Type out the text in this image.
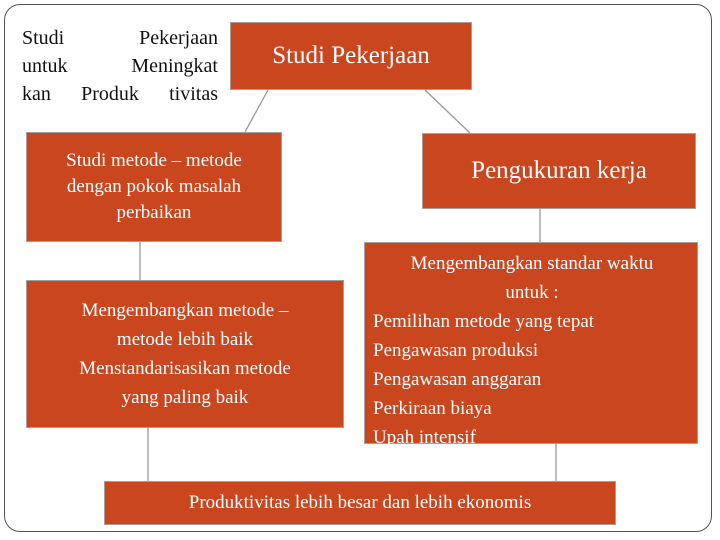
Studi Pekerjaan
untuk Meningkat
kan Produk tivitas
Studi Pekerjaan
Studi metode – metode
dengan pokok masalah
perbaikan
Pengukuran kerja
Mengembangkan metode –
metode lebih baik
Menstandarisasikan metode
yang paling baik
Mengembangkan standar waktu
untuk :
Pemilihan metode yang tepat
Pengawasan produksi
Pengawasan anggaran
Perkiraan biaya
Upah intensif
Produktivitas lebih besar dan lebih ekonomis
